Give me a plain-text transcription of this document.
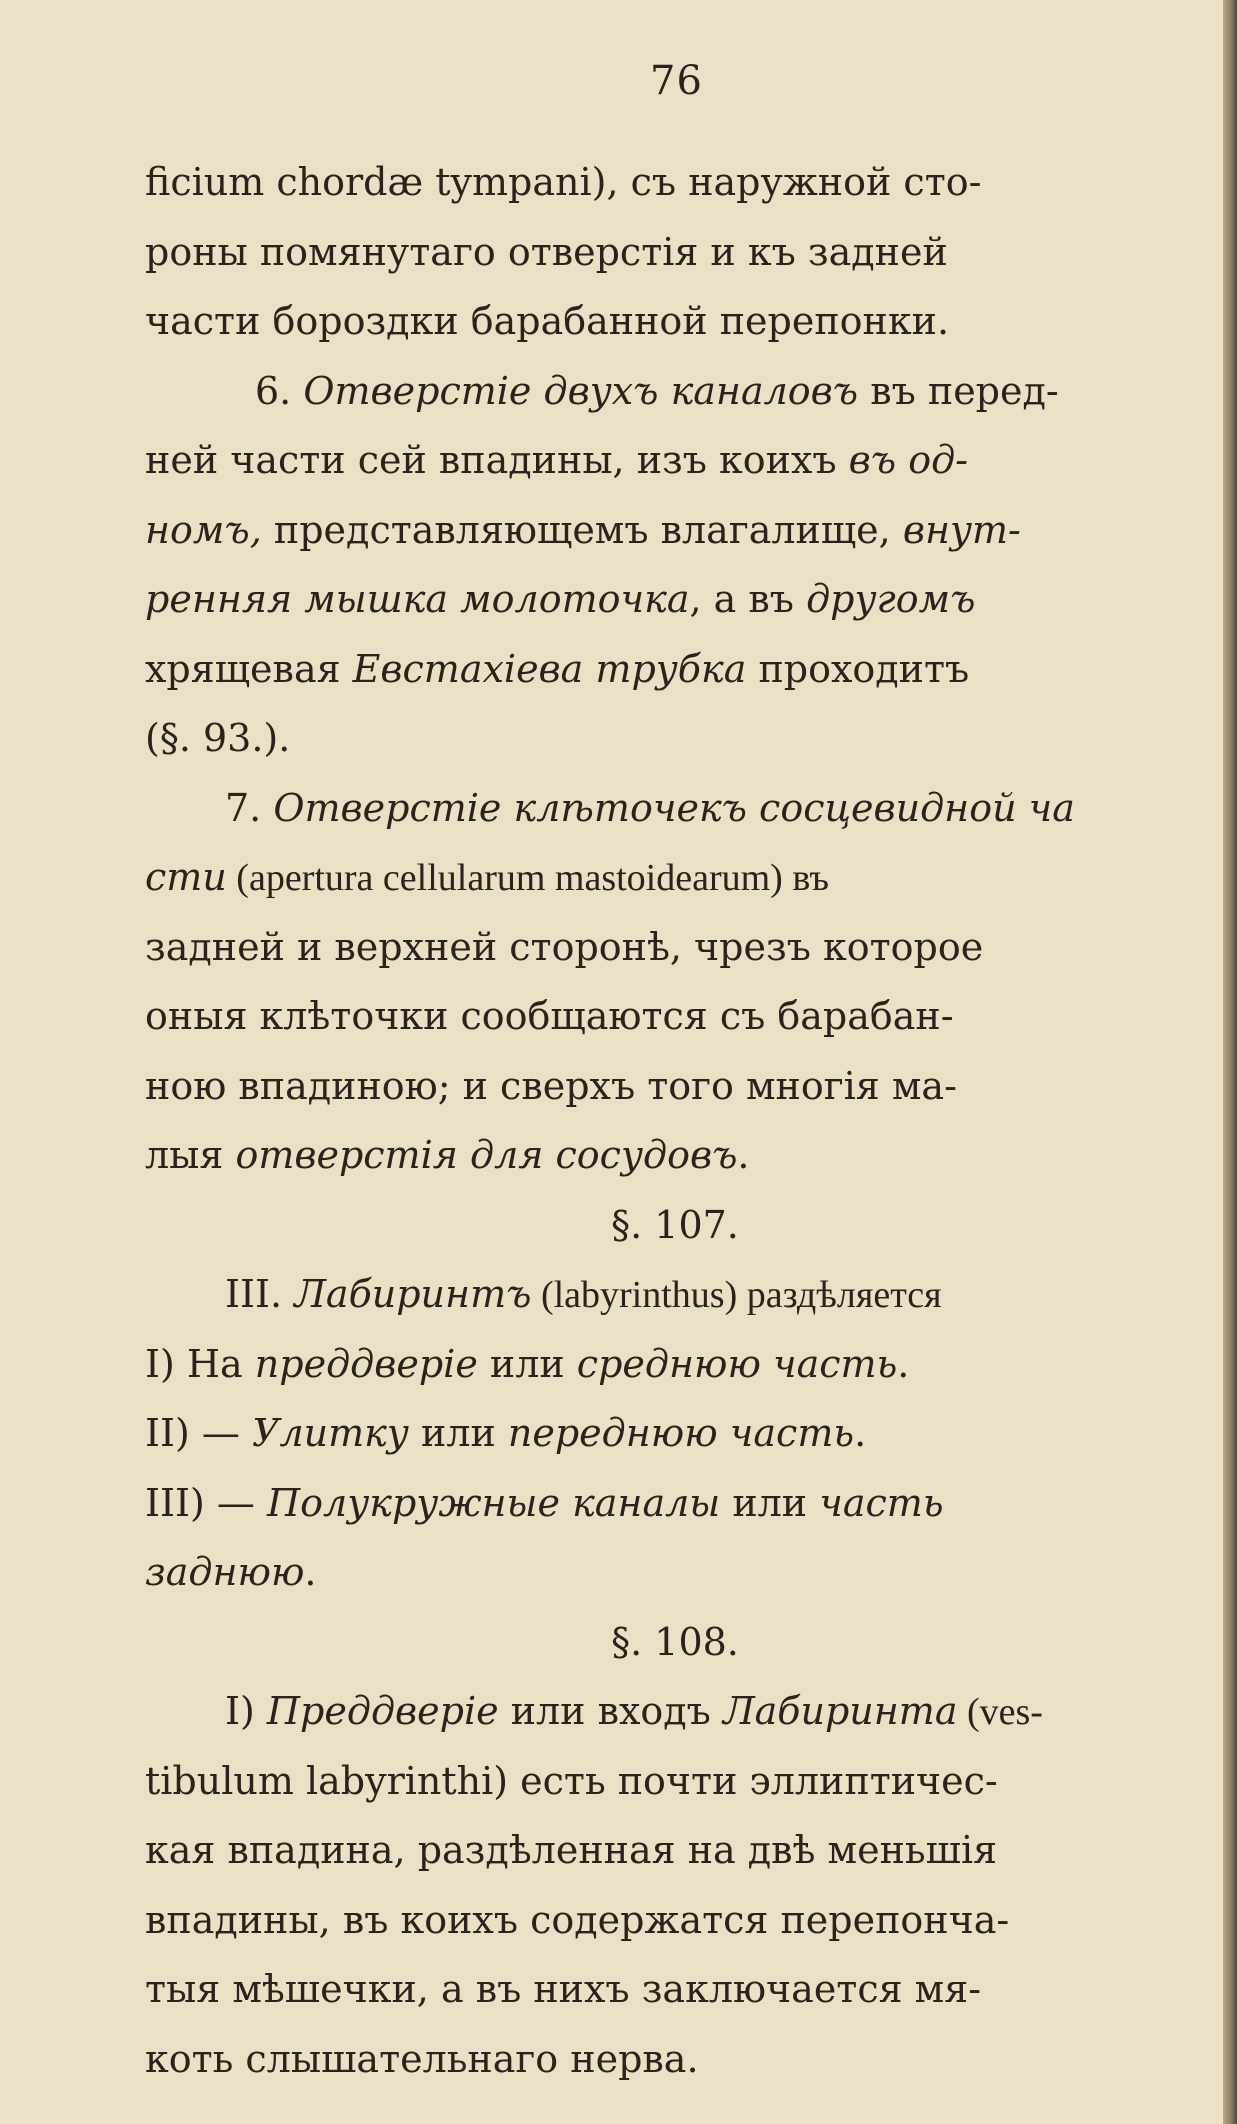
76
ficium chordæ tympani), съ наружной сто-
роны помянутаго отверстія и къ задней
части бороздки барабанной перепонки.
6. Отверстіе двухъ каналовъ въ перед-
ней части сей впадины, изъ коихъ въ од-
номъ, представляющемъ влагалище, внут-
ренняя мышка молоточка, а въ другомъ
хрящевая Евстахіева трубка проходитъ
(§. 93.).
7. Отверстіе клѣточекъ сосцевидной ча
сти (apertura cellularum mastoidearum) въ
задней и верхней сторонѣ, чрезъ которое
оныя клѣточки сообщаются съ барабан-
ною впадиною; и сверхъ того многія ма-
лыя отверстія для сосудовъ.
§. 107.
III. Лабиринтъ (labyrinthus) раздѣляется
I) На преддверіе или среднюю часть.
II) — Улитку или переднюю часть.
III) — Полукружные каналы или часть
заднюю.
§. 108.
I) Преддверіе или входъ Лабиринта (ves-
tibulum labyrinthi) есть почти эллиптичес-
кая впадина, раздѣленная на двѣ меньшія
впадины, въ коихъ содержатся перепонча-
тыя мѣшечки, а въ нихъ заключается мя-
коть слышательнаго нерва.
